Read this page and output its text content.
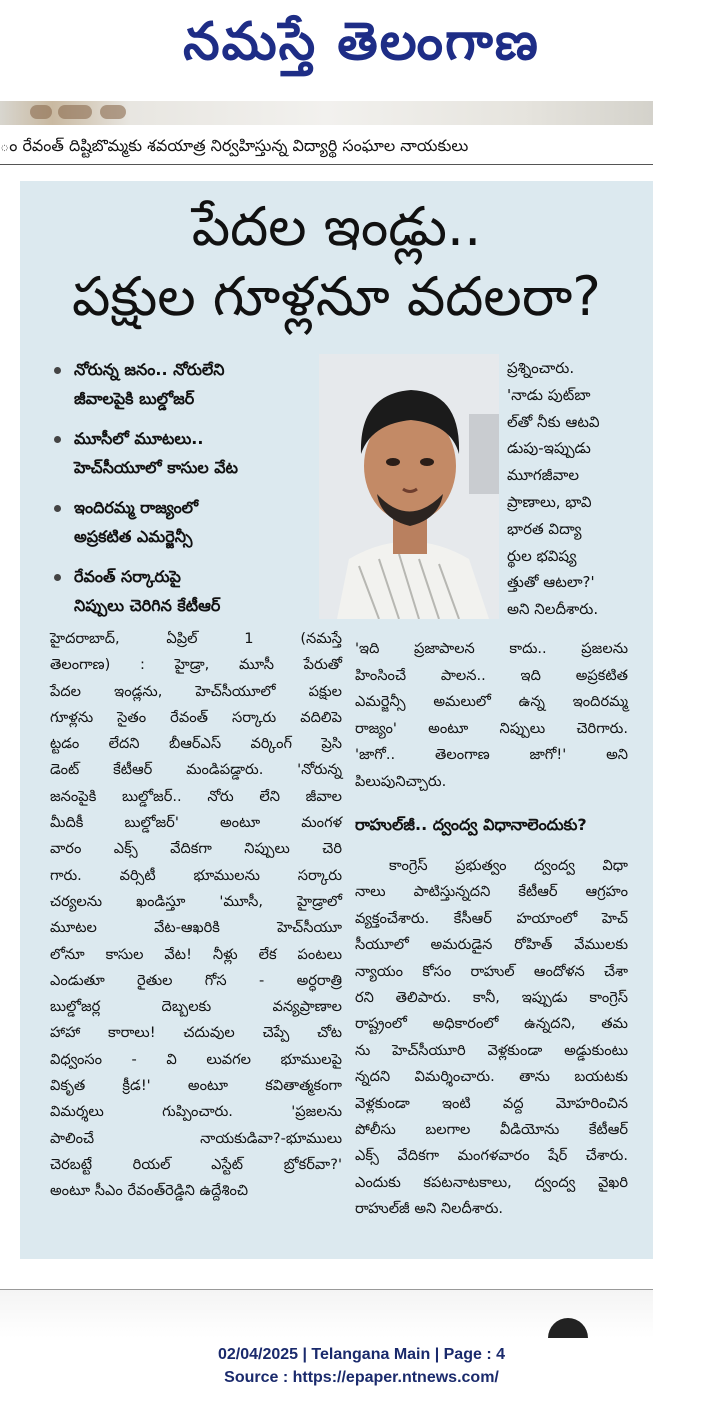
నమస్తే తెలంగాణ
ం రేవంత్ దిష్టిబొమ్మకు శవయాత్ర నిర్వహిస్తున్న విద్యార్థి సంఘాల నాయకులు
పేదల ఇండ్లు..
పక్షుల గూళ్లనూ వదలరా?
నోరున్న జనం.. నోరులేని
జీవాలపైకి బుల్డోజర్
మూసీలో మూటలు..
హెచ్‌సీయూలో కాసుల వేట
ఇందిరమ్మ రాజ్యంలో
అప్రకటిత ఎమర్జెన్సీ
రేవంత్ సర్కారుపై
నిప్పులు చెరిగిన కేటీఆర్

ప్రశ్నించారు.

'నాడు పుట్‌బా

ల్‌తో నీకు ఆటవి

డుపు-ఇప్పుడు

మూగజీవాల

ప్రాణాలు, భావి

భారత విద్యా

ర్థుల భవిష్య

త్తుతో ఆటలా?'

అని నిలదీశారు.

హైదరాబాద్, ఏప్రిల్ 1 (నమస్తే

తెలంగాణ) : హైడ్రా, మూసీ పేరుతో

పేదల ఇండ్లను, హెచ్‌సీయూలో పక్షుల

గూళ్లను సైతం రేవంత్ సర్కారు వదిలిపె

ట్టడం లేదని బీఆర్‌ఎస్ వర్కింగ్ ప్రెసి

డెంట్ కేటీఆర్ మండిపడ్డారు. 'నోరున్న

జనంపైకి బుల్డోజర్.. నోరు లేని జీవాల

మీదికీ బుల్డోజర్' అంటూ మంగళ

వారం ఎక్స్ వేదికగా నిప్పులు చెరి

గారు. వర్సిటీ భూములను సర్కారు

చర్యలను ఖండిస్తూ 'మూసీ, హైడ్రాలో

మూటల వేట-ఆఖరికి హెచ్‌సీయూ

లోనూ కాసుల వేట! నీళ్లు లేక పంటలు

ఎండుతూ రైతుల గోస - అర్ధరాత్రి

బుల్డోజర్ల దెబ్బలకు వన్యప్రాణాల

హాహా కారాలు! చదువుల చెప్పే చోట

విధ్వంసం - వి లువగల భూములపై

వికృత క్రీడ!' అంటూ కవితాత్మకంగా

విమర్శలు గుప్పించారు. 'ప్రజలను

పాలించే నాయకుడివా?-భూములు

చెరబట్టే రియల్ ఎస్టేట్ బ్రోకర్‌వా?'

అంటూ సీఎం రేవంత్‌రెడ్డిని ఉద్దేశించి

'ఇది ప్రజాపాలన కాదు.. ప్రజలను

హింసించే పాలన.. ఇది అప్రకటిత

ఎమర్జెన్సీ అమలులో ఉన్న ఇందిరమ్మ

రాజ్యం' అంటూ నిప్పులు చెరిగారు.

'జాగో.. తెలంగాణ జాగో!' అని

పిలుపునిచ్చారు.

రాహుల్‌జీ.. ద్వంద్వ విధానాలెందుకు?

కాంగ్రెస్ ప్రభుత్వం ద్వంద్వ విధా

నాలు పాటిస్తున్నదని కేటీఆర్ ఆగ్రహం

వ్యక్తంచేశారు. కేసీఆర్ హయాంలో హెచ్

సీయూలో అమరుడైన రోహిత్ వేములకు

న్యాయం కోసం రాహుల్ ఆందోళన చేశా

రని తెలిపారు. కానీ, ఇప్పుడు కాంగ్రెస్

రాష్ట్రంలో అధికారంలో ఉన్నదని, తమ

ను హెచ్‌సీయూరి వెళ్లకుండా అడ్డుకుంటు

న్నదని విమర్శించారు. తాను బయటకు

వెళ్లకుండా ఇంటి వద్ద మోహరించిన

పోలీసు బలగాల వీడియోను కేటీఆర్

ఎక్స్ వేదికగా మంగళవారం షేర్ చేశారు.

ఎందుకు కపటనాటకాలు, ద్వంద్వ వైఖరి

రాహుల్‌జీ అని నిలదీశారు.

02/04/2025 | Telangana Main | Page : 4
Source : https://epaper.ntnews.com/
